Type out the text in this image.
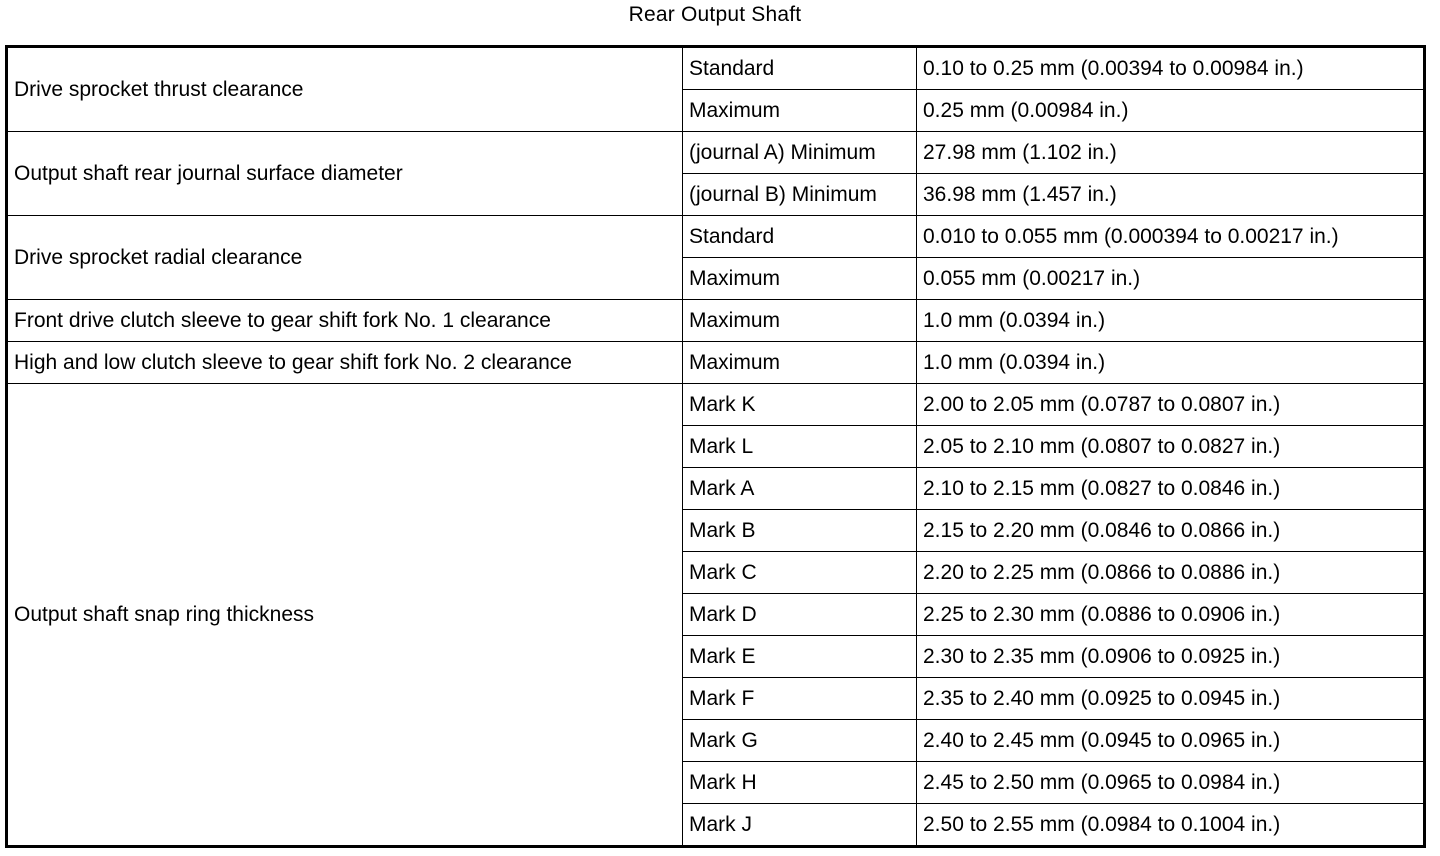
Rear Output Shaft
Drive sprocket thrust clearance	Standard	0.10 to 0.25 mm (0.00394 to 0.00984 in.)
	Maximum	0.25 mm (0.00984 in.)
Output shaft rear journal surface diameter	(journal A) Minimum	27.98 mm (1.102 in.)
	(journal B) Minimum	36.98 mm (1.457 in.)
Drive sprocket radial clearance	Standard	0.010 to 0.055 mm (0.000394 to 0.00217 in.)
	Maximum	0.055 mm (0.00217 in.)
Front drive clutch sleeve to gear shift fork No. 1 clearance	Maximum	1.0 mm (0.0394 in.)
High and low clutch sleeve to gear shift fork No. 2 clearance	Maximum	1.0 mm (0.0394 in.)
Output shaft snap ring thickness	Mark K	2.00 to 2.05 mm (0.0787 to 0.0807 in.)
	Mark L	2.05 to 2.10 mm (0.0807 to 0.0827 in.)
	Mark A	2.10 to 2.15 mm (0.0827 to 0.0846 in.)
	Mark B	2.15 to 2.20 mm (0.0846 to 0.0866 in.)
	Mark C	2.20 to 2.25 mm (0.0866 to 0.0886 in.)
	Mark D	2.25 to 2.30 mm (0.0886 to 0.0906 in.)
	Mark E	2.30 to 2.35 mm (0.0906 to 0.0925 in.)
	Mark F	2.35 to 2.40 mm (0.0925 to 0.0945 in.)
	Mark G	2.40 to 2.45 mm (0.0945 to 0.0965 in.)
	Mark H	2.45 to 2.50 mm (0.0965 to 0.0984 in.)
	Mark J	2.50 to 2.55 mm (0.0984 to 0.1004 in.)
